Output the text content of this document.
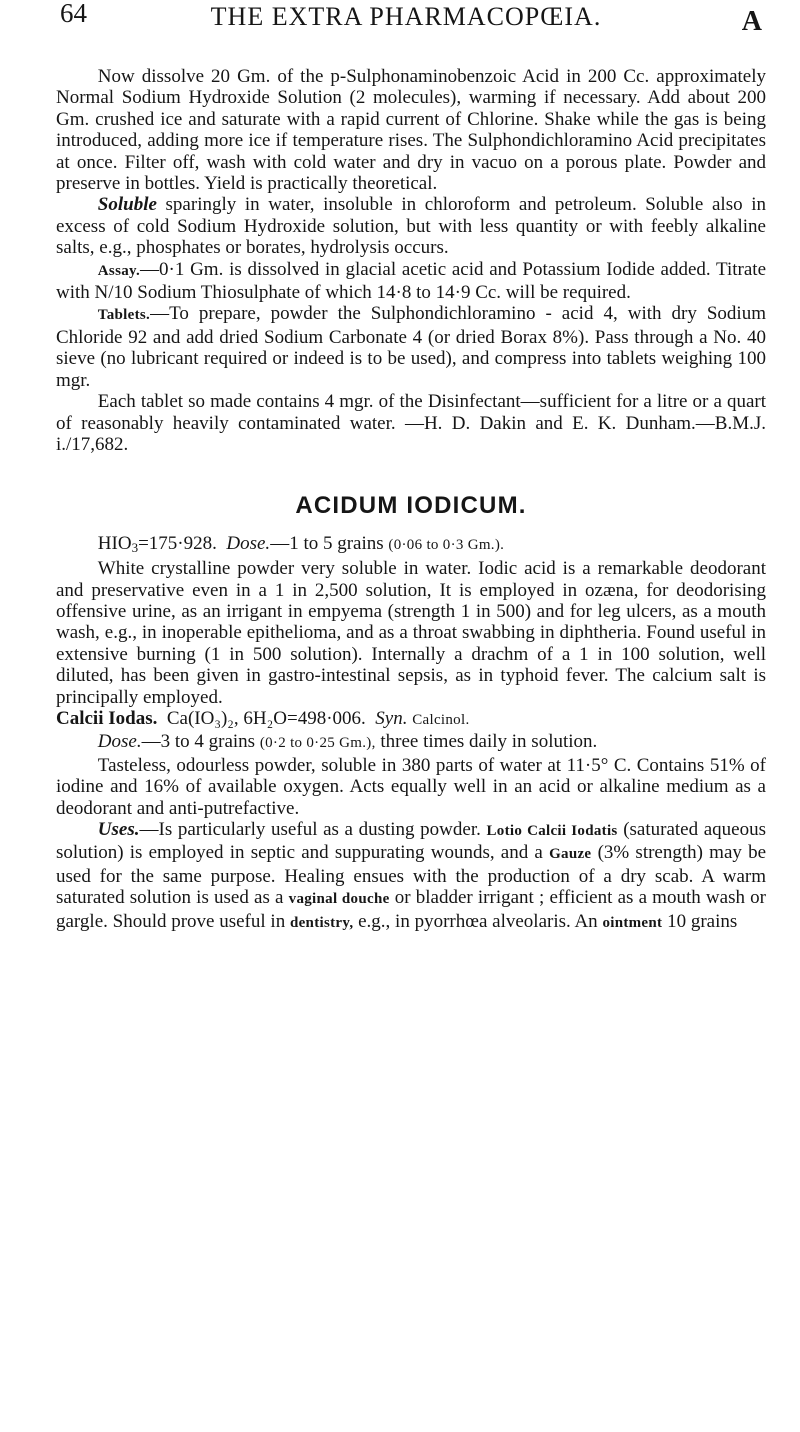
64	THE EXTRA PHARMACOPŒIA.	A

Now dissolve 20 Gm. of the p-Sulphonaminobenzoic Acid in 200 Cc. approximately Normal Sodium Hydroxide Solution (2 molecules), warming if necessary. Add about 200 Gm. crushed ice and saturate with a rapid current of Chlorine. Shake while the gas is being introduced, adding more ice if temperature rises. The Sulphondichloramino Acid precipitates at once. Filter off, wash with cold water and dry in vacuo on a porous plate. Powder and preserve in bottles. Yield is practically theoretical.

Soluble sparingly in water, insoluble in chloroform and petroleum. Soluble also in excess of cold Sodium Hydroxide solution, but with less quantity or with feebly alkaline salts, e.g., phosphates or borates, hydrolysis occurs.

Assay.—0·1 Gm. is dissolved in glacial acetic acid and Potassium Iodide added. Titrate with N/10 Sodium Thiosulphate of which 14·8 to 14·9 Cc. will be required.

Tablets.—To prepare, powder the Sulphondichloramino - acid 4, with dry Sodium Chloride 92 and add dried Sodium Carbonate 4 (or dried Borax 8%). Pass through a No. 40 sieve (no lubricant required or indeed is to be used), and compress into tablets weighing 100 mgr.

Each tablet so made contains 4 mgr. of the Disinfectant—sufficient for a litre or a quart of reasonably heavily contaminated water. —H. D. Dakin and E. K. Dunham.—B.M.J. i./17,682.

ACIDUM IODICUM.

$HIO_3=175\cdot 928$. Dose.—1 to 5 grains (0·06 to 0·3 Gm.).

White crystalline powder very soluble in water. Iodic acid is a remarkable deodorant and preservative even in a 1 in 2,500 solution, It is employed in ozæna, for deodorising offensive urine, as an irrigant in empyema (strength 1 in 500) and for leg ulcers, as a mouth wash, e.g., in inoperable epithelioma, and as a throat swabbing in diphtheria. Found useful in extensive burning (1 in 500 solution). Internally a drachm of a 1 in 100 solution, well diluted, has been given in gastro-intestinal sepsis, as in typhoid fever. The calcium salt is principally employed.

Calcii Iodas. Ca(IO₃)₂, 6H₂O=498·006. Syn. Calcinol.

Dose.—3 to 4 grains (0·2 to 0·25 Gm.), three times daily in solution.

Tasteless, odourless powder, soluble in 380 parts of water at 11·5° C. Contains 51% of iodine and 16% of available oxygen. Acts equally well in an acid or alkaline medium as a deodorant and anti-putrefactive.

Uses.—Is particularly useful as a dusting powder. Lotio Calcii Iodatis (saturated aqueous solution) is employed in septic and suppurating wounds, and a Gauze (3% strength) may be used for the same purpose. Healing ensues with the production of a dry scab. A warm saturated solution is used as a vaginal douche or bladder irrigant ; efficient as a mouth wash or gargle. Should prove useful in dentistry, e.g., in pyorrhœa alveolaris. An ointment 10 grains
